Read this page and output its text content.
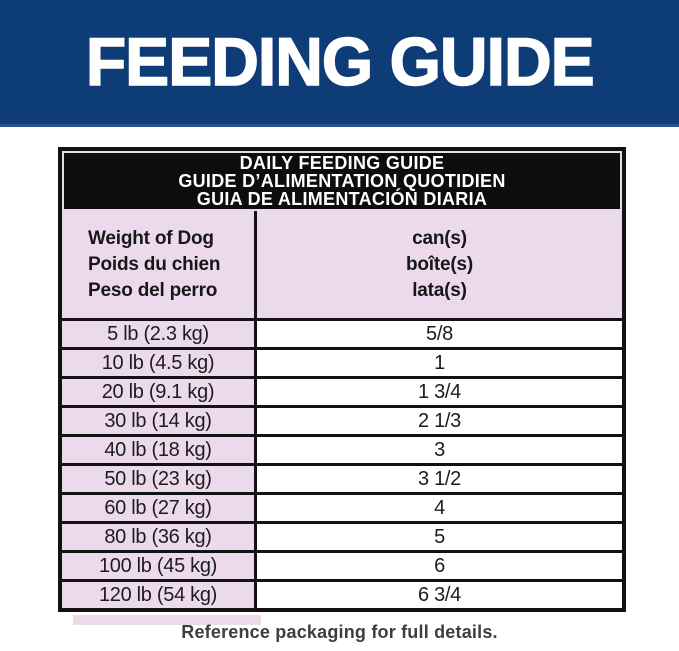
FEEDING GUIDE
DAILY FEEDING GUIDE
GUIDE D’ALIMENTATION QUOTIDIEN
GUIA DE ALIMENTACIÓN DIARIA
Weight of Dog
Poids du chien
Peso del perro
can(s)
boîte(s)
lata(s)
5 lb (2.3 kg)	5/8
10 lb (4.5 kg)	1
20 lb (9.1 kg)	1 3/4
30 lb (14 kg)	2 1/3
40 lb (18 kg)	3
50 lb (23 kg)	3 1/2
60 lb (27 kg)	4
80 lb (36 kg)	5
100 lb (45 kg)	6
120 lb (54 kg)	6 3/4
Reference packaging for full details.
